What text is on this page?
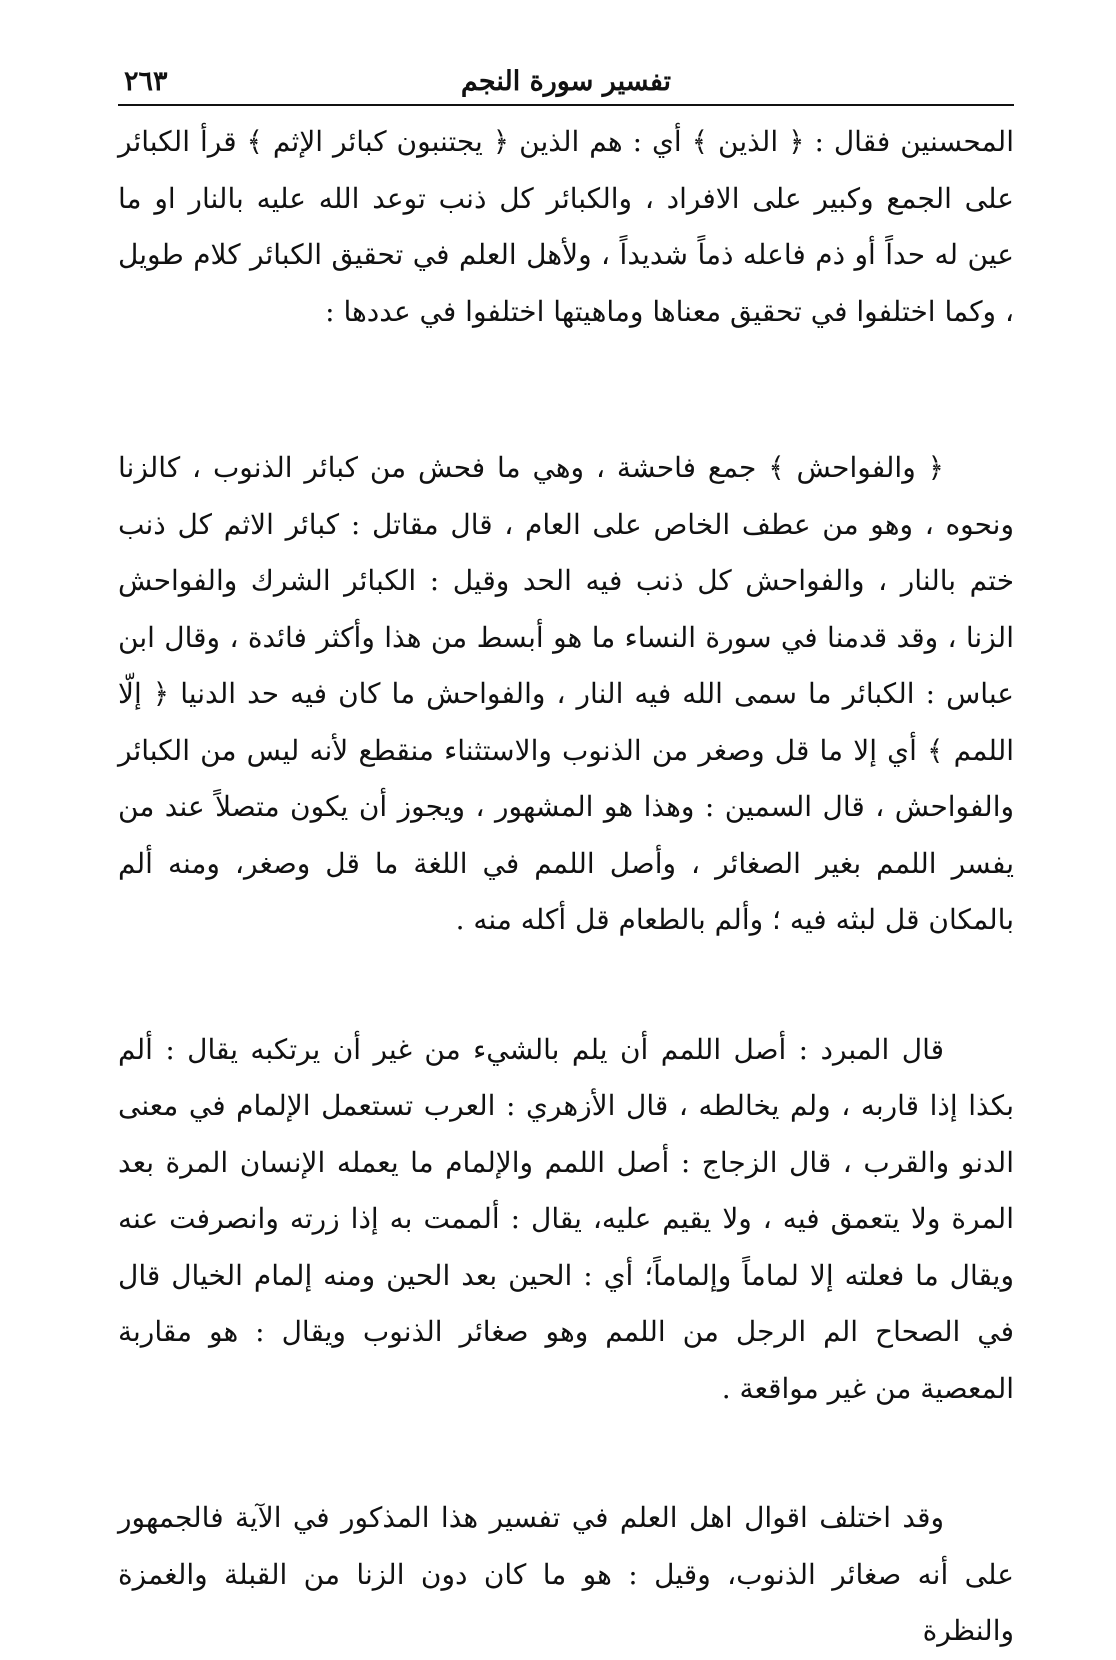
تفسير سورة النجم
٢٦٣

المحسنين فقال : ﴿ الذين ﴾ أي : هم الذين ﴿ يجتنبون كبائر الإثم ﴾ قرأ الكبائر على الجمع وكبير على الافراد ، والكبائر كل ذنب توعد الله عليه بالنار او ما عين له حداً أو ذم فاعله ذماً شديداً ، ولأهل العلم في تحقيق الكبائر كلام طويل ، وكما اختلفوا في تحقيق معناها وماهيتها اختلفوا في عددها :

﴿ والفواحش ﴾ جمع فاحشة ، وهي ما فحش من كبائر الذنوب ، كالزنا ونحوه ، وهو من عطف الخاص على العام ، قال مقاتل : كبائر الاثم كل ذنب ختم بالنار ، والفواحش كل ذنب فيه الحد وقيل : الكبائر الشرك والفواحش الزنا ، وقد قدمنا في سورة النساء ما هو أبسط من هذا وأكثر فائدة ، وقال ابن عباس : الكبائر ما سمى الله فيه النار ، والفواحش ما كان فيه حد الدنيا ﴿ إلّا اللمم ﴾ أي إلا ما قل وصغر من الذنوب والاستثناء منقطع لأنه ليس من الكبائر والفواحش ، قال السمين : وهذا هو المشهور ، ويجوز أن يكون متصلاً عند من يفسر اللمم بغير الصغائر ، وأصل اللمم في اللغة ما قل وصغر، ومنه ألم بالمكان قل لبثه فيه ؛ وألم بالطعام قل أكله منه .

قال المبرد : أصل اللمم أن يلم بالشيء من غير أن يرتكبه يقال : ألم بكذا إذا قاربه ، ولم يخالطه ، قال الأزهري : العرب تستعمل الإلمام في معنى الدنو والقرب ، قال الزجاج : أصل اللمم والإلمام ما يعمله الإنسان المرة بعد المرة ولا يتعمق فيه ، ولا يقيم عليه، يقال : ألممت به إذا زرته وانصرفت عنه ويقال ما فعلته إلا لماماً وإلماماً؛ أي : الحين بعد الحين ومنه إلمام الخيال قال في الصحاح الم الرجل من اللمم وهو صغائر الذنوب ويقال : هو مقاربة المعصية من غير مواقعة .

وقد اختلف اقوال اهل العلم في تفسير هذا المذكور في الآية فالجمهور على أنه صغائر الذنوب، وقيل : هو ما كان دون الزنا من القبلة والغمزة والنظرة
